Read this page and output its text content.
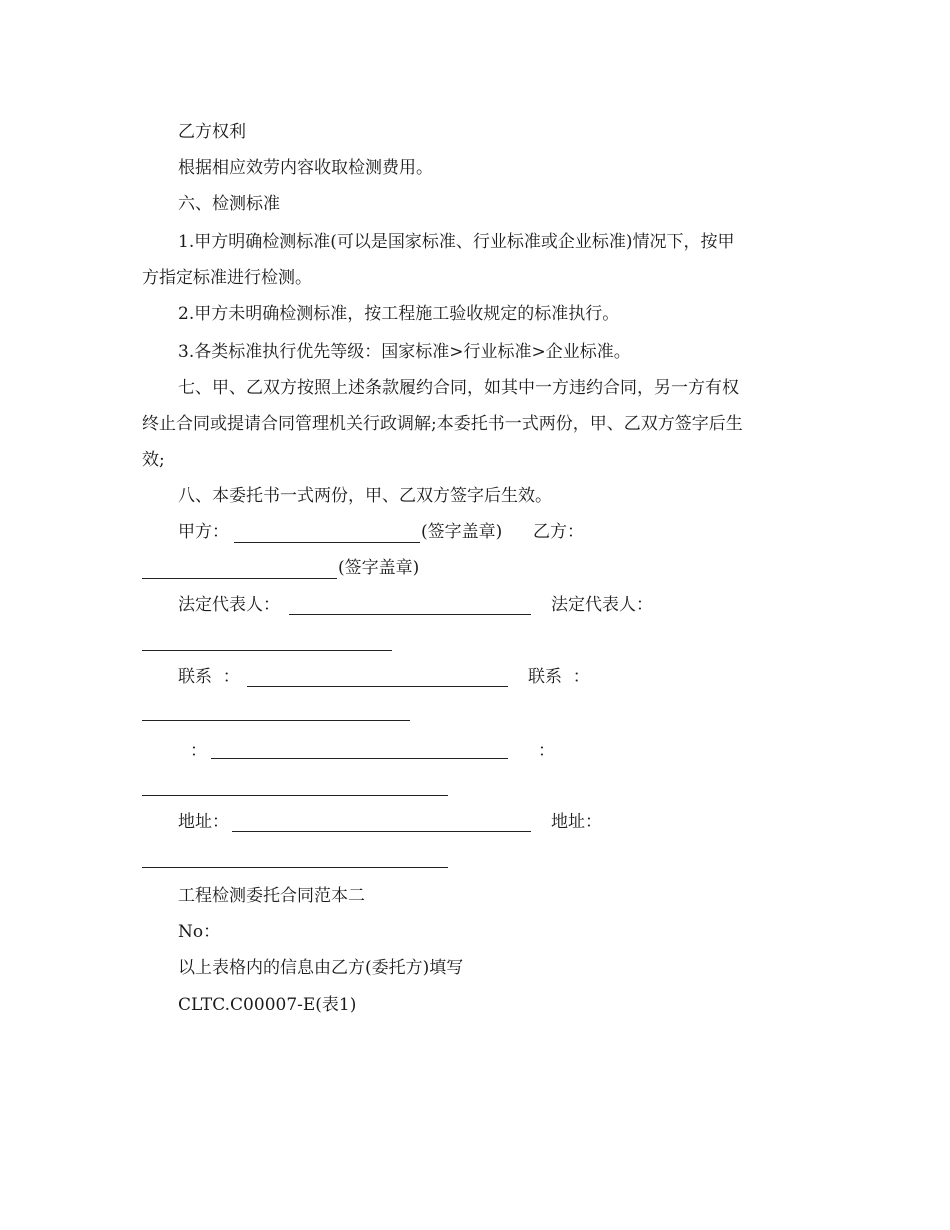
乙方权利
根据相应效劳内容收取检测费用。
六、检测标准
1.甲方明确检测标准(可以是国家标准、行业标准或企业标准)情况下，按甲
方指定标准进行检测。
2.甲方未明确检测标准，按工程施工验收规定的标准执行。
3.各类标准执行优先等级：国家标准>行业标准>企业标准。
七、甲、乙双方按照上述条款履约合同，如其中一方违约合同，另一方有权
终止合同或提请合同管理机关行政调解;本委托书一式两份，甲、乙双方签字后生
效;
八、本委托书一式两份，甲、乙双方签字后生效。
甲方：	(签字盖章) 乙方：
(签字盖章)
法定代表人：	法定代表人：
联系  ：	联系  ：
：	：
地址：	地址：
工程检测委托合同范本二
No：
以上表格内的信息由乙方(委托方)填写
CLTC.C00007-E(表1)
